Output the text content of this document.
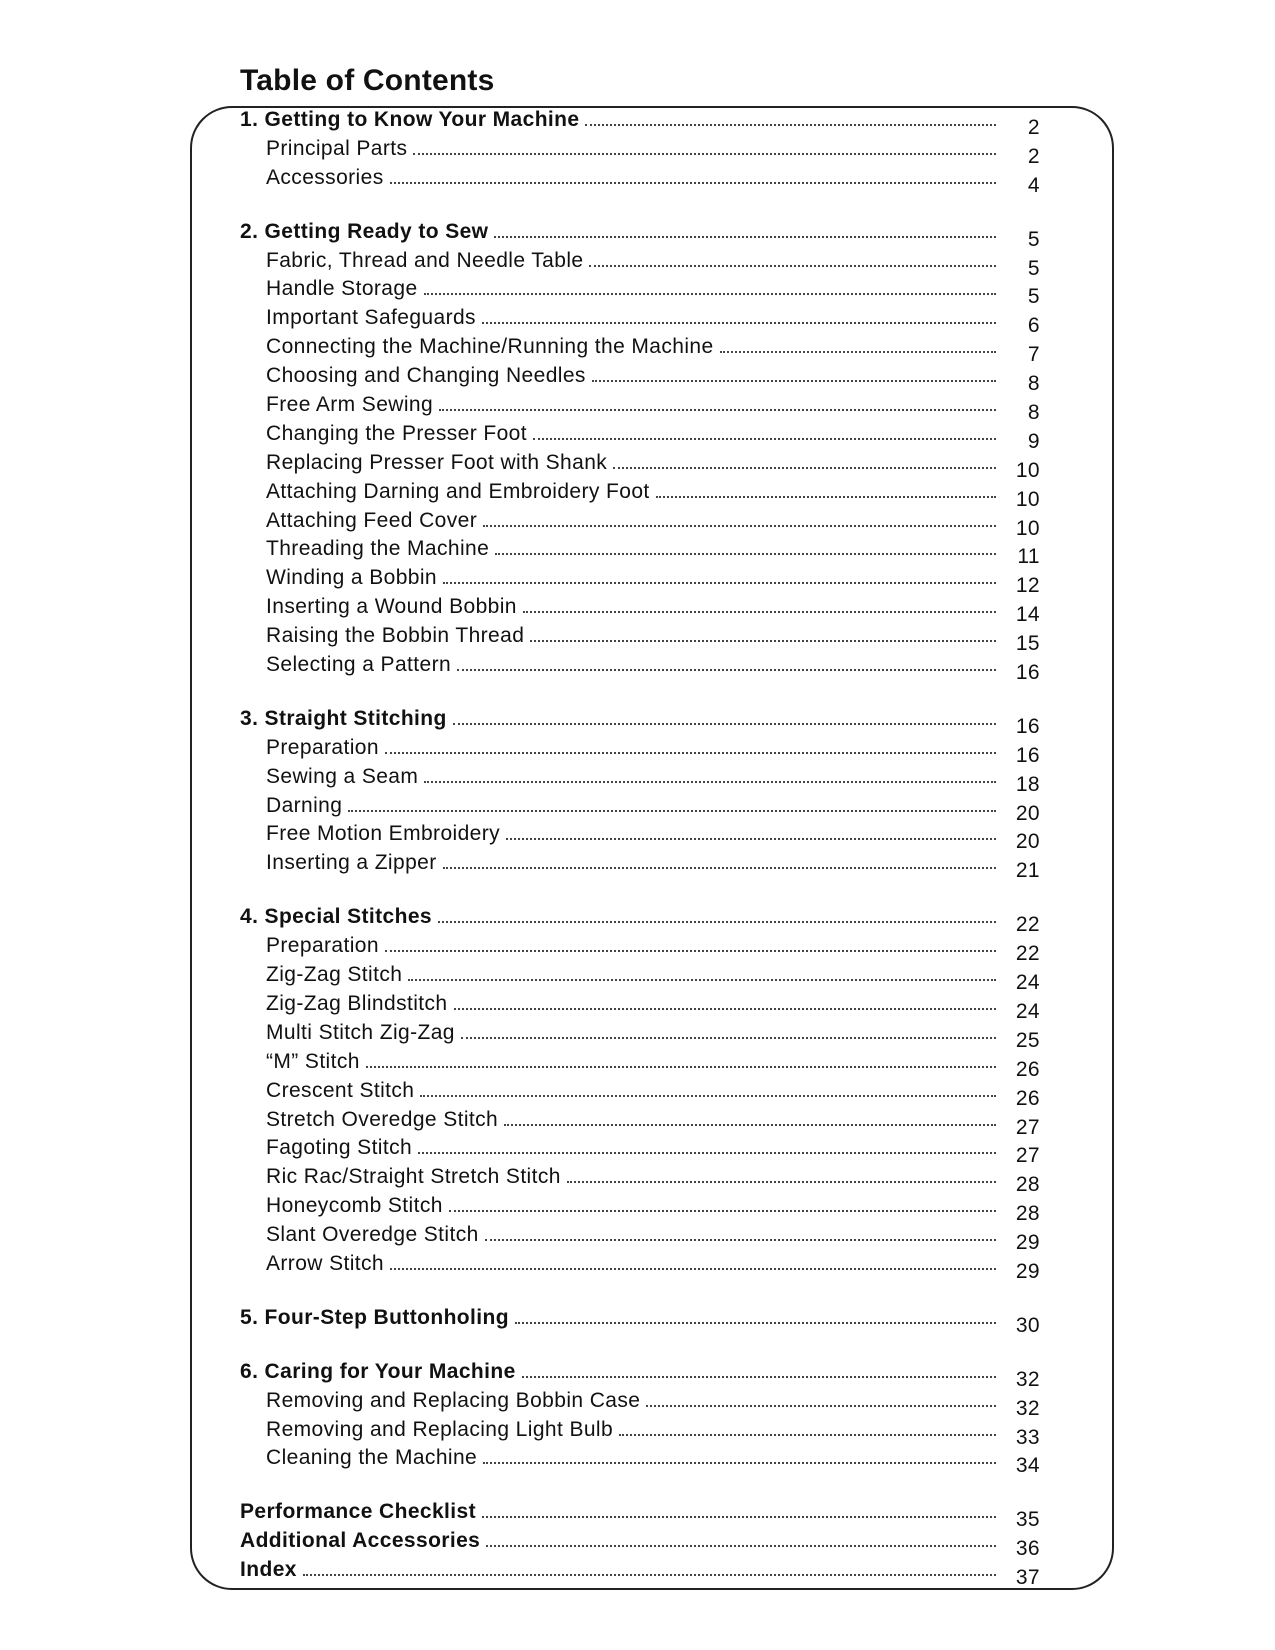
Table of Contents
1. Getting to Know Your Machine	2
Principal Parts	2
Accessories	4
2. Getting Ready to Sew	5
Fabric, Thread and Needle Table	5
Handle Storage	5
Important Safeguards	6
Connecting the Machine/Running the Machine	7
Choosing and Changing Needles	8
Free Arm Sewing	8
Changing the Presser Foot	9
Replacing Presser Foot with Shank	10
Attaching Darning and Embroidery Foot	10
Attaching Feed Cover	10
Threading the Machine	11
Winding a Bobbin	12
Inserting a Wound Bobbin	14
Raising the Bobbin Thread	15
Selecting a Pattern	16
3. Straight Stitching	16
Preparation	16
Sewing a Seam	18
Darning	20
Free Motion Embroidery	20
Inserting a Zipper	21
4. Special Stitches	22
Preparation	22
Zig-Zag Stitch	24
Zig-Zag Blindstitch	24
Multi Stitch Zig-Zag	25
“M” Stitch	26
Crescent Stitch	26
Stretch Overedge Stitch	27
Fagoting Stitch	27
Ric Rac/Straight Stretch Stitch	28
Honeycomb Stitch	28
Slant Overedge Stitch	29
Arrow Stitch	29
5. Four-Step Buttonholing	30
6. Caring for Your Machine	32
Removing and Replacing Bobbin Case	32
Removing and Replacing Light Bulb	33
Cleaning the Machine	34
Performance Checklist	35
Additional Accessories	36
Index	37
